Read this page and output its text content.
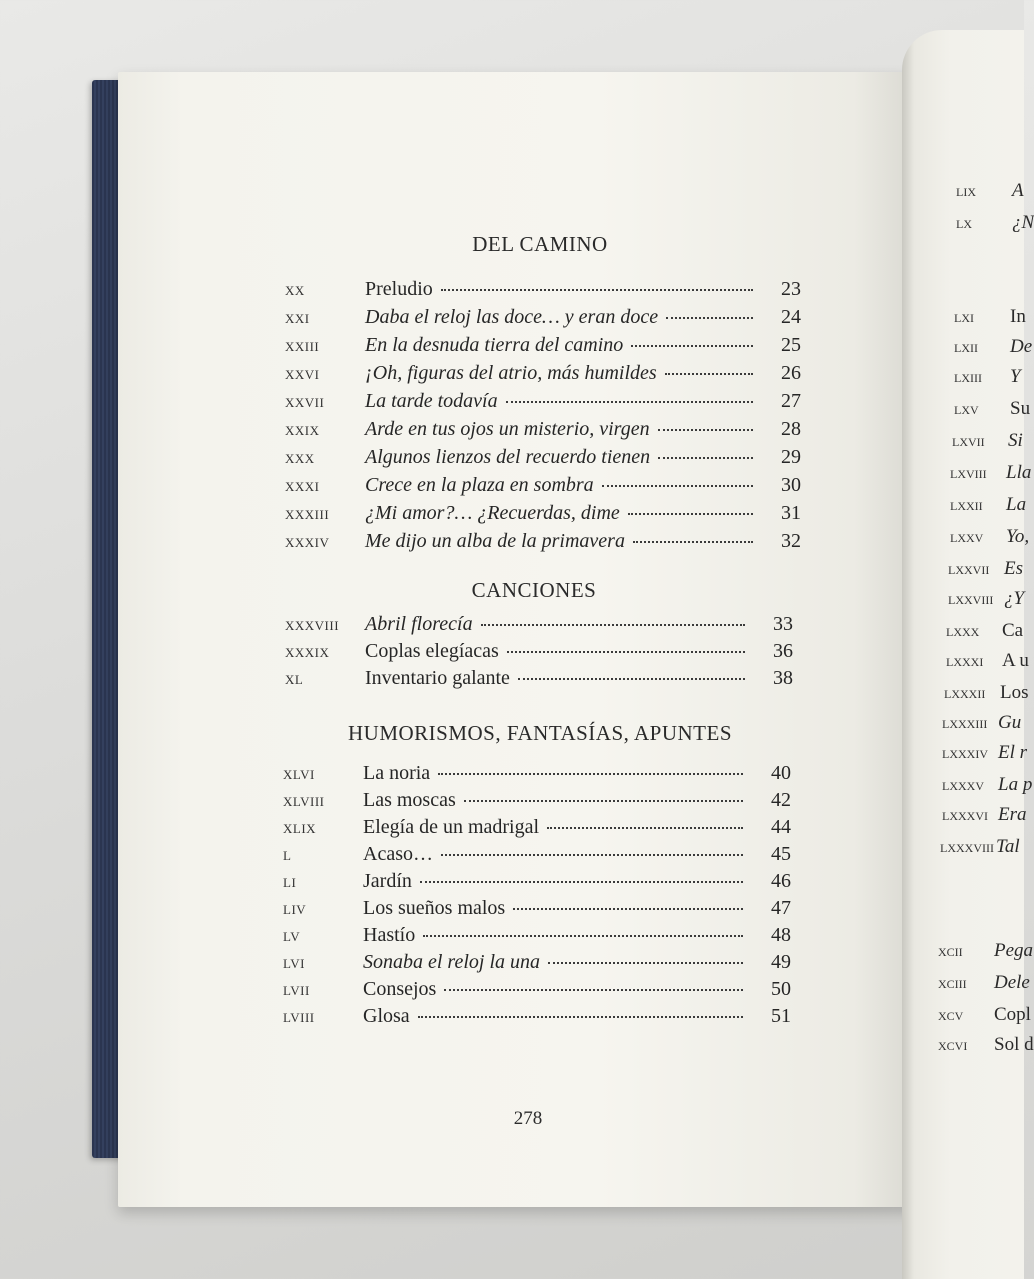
DEL CAMINO
XX	Preludio	23
XXI	Daba el reloj las doce… y eran doce	24
XXIII	En la desnuda tierra del camino	25
XXVI	¡Oh, figuras del atrio, más humildes	26
XXVII	La tarde todavía	27
XXIX	Arde en tus ojos un misterio, virgen	28
XXX	Algunos lienzos del recuerdo tienen	29
XXXI	Crece en la plaza en sombra	30
XXXIII	¿Mi amor?… ¿Recuerdas, dime	31
XXXIV	Me dijo un alba de la primavera	32
CANCIONES
XXXVIII	Abril florecía	33
XXXIX	Coplas elegíacas	36
XL	Inventario galante	38
HUMORISMOS, FANTASÍAS, APUNTES
XLVI	La noria	40
XLVIII	Las moscas	42
XLIX	Elegía de un madrigal	44
L	Acaso…	45
LI	Jardín	46
LIV	Los sueños malos	47
LV	Hastío	48
LVI	Sonaba el reloj la una	49
LVII	Consejos	50
LVIII	Glosa	51
278
LIX	A
LX	¿N
LXI	In
LXII	De
LXIII	Y
LXV	Su
LXVII	Si
LXVIII	Lla
LXXII	La
LXXV	Yo,
LXXVII Es
LXXVIII ¿Y
LXXX	Ca
LXXXI A u
LXXXII Los
LXXXIII Gu
LXXXIV El r
LXXXV La p
LXXXVI Era
LXXXVIII Tal
XCII	Pega
XCIII	Dele
XCV	Copl
XCVI	Sol d
